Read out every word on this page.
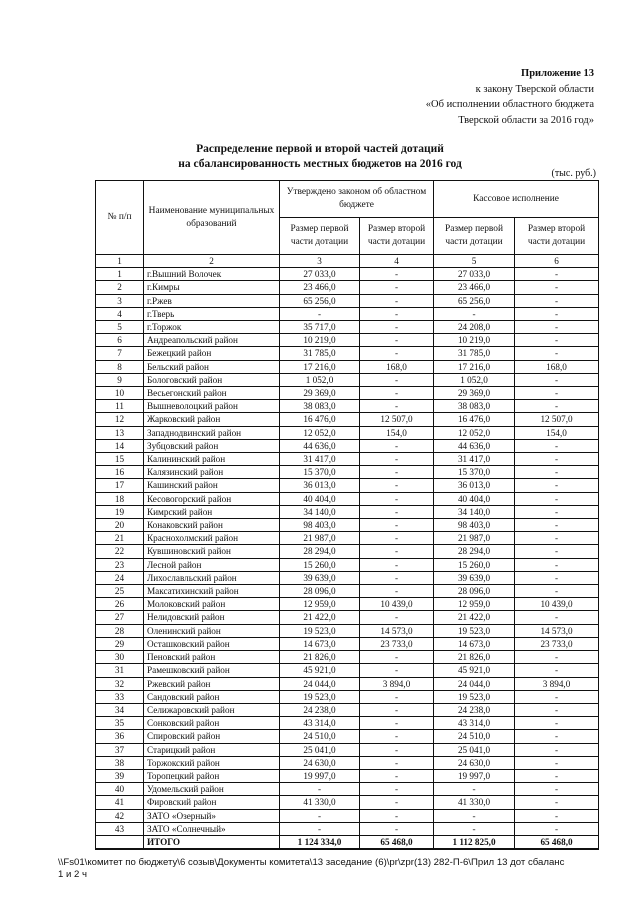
Приложение 13
к закону Тверской области
«Об исполнении областного бюджета
Тверской области за 2016 год»
Распределение первой и второй частей дотаций
на сбалансированность местных бюджетов на 2016 год
(тыс. руб.)
№ п/п	Наименование муниципальных образований	Утверждено законом об областном бюджете		Кассовое исполнение	
		Размер первой части дотации	Размер второй части дотации	Размер первой части дотации	Размер второй части дотации
1	2	3	4	5	6
1	г.Вышний Волочек	27 033,0	-	27 033,0	-
2	г.Кимры	23 466,0	-	23 466,0	-
3	г.Ржев	65 256,0	-	65 256,0	-
4	г.Тверь	-	-	-	-
5	г.Торжок	35 717,0	-	24 208,0	-
6	Андреапольский район	10 219,0	-	10 219,0	-
7	Бежецкий район	31 785,0	-	31 785,0	-
8	Бельский район	17 216,0	168,0	17 216,0	168,0
9	Бологовский район	1 052,0	-	1 052,0	-
10	Весьегонский район	29 369,0	-	29 369,0	-
11	Вышневолоцкий район	38 083,0	-	38 083,0	-
12	Жарковский район	16 476,0	12 507,0	16 476,0	12 507,0
13	Западнодвинский район	12 052,0	154,0	12 052,0	154,0
14	Зубцовский район	44 636,0	-	44 636,0	-
15	Калининский район	31 417,0	-	31 417,0	-
16	Калязинский район	15 370,0	-	15 370,0	-
17	Кашинский район	36 013,0	-	36 013,0	-
18	Кесовогорский район	40 404,0	-	40 404,0	-
19	Кимрский район	34 140,0	-	34 140,0	-
20	Конаковский район	98 403,0	-	98 403,0	-
21	Краснохолмский район	21 987,0	-	21 987,0	-
22	Кувшиновский район	28 294,0	-	28 294,0	-
23	Лесной район	15 260,0	-	15 260,0	-
24	Лихославльский район	39 639,0	-	39 639,0	-
25	Максатихинский район	28 096,0	-	28 096,0	-
26	Молоковский район	12 959,0	10 439,0	12 959,0	10 439,0
27	Нелидовский район	21 422,0	-	21 422,0	-
28	Оленинский район	19 523,0	14 573,0	19 523,0	14 573,0
29	Осташковский район	14 673,0	23 733,0	14 673,0	23 733,0
30	Пеновский район	21 826,0	-	21 826,0	-
31	Рамешковский район	45 921,0	-	45 921,0	-
32	Ржевский район	24 044,0	3 894,0	24 044,0	3 894,0
33	Сандовский район	19 523,0	-	19 523,0	-
34	Селижаровский район	24 238,0	-	24 238,0	-
35	Сонковский район	43 314,0	-	43 314,0	-
36	Спировский район	24 510,0	-	24 510,0	-
37	Старицкий район	25 041,0	-	25 041,0	-
38	Торжокский район	24 630,0	-	24 630,0	-
39	Торопецкий район	19 997,0	-	19 997,0	-
40	Удомельский район	-	-	-	-
41	Фировский район	41 330,0	-	41 330,0	-
42	ЗАТО «Озерный»	-	-	-	-
43	ЗАТО «Солнечный»	-	-	-	-
	ИТОГО	1 124 334,0	65 468,0	1 112 825,0	65 468,0
\\Fs01\комитет по бюджету\6 созыв\Документы комитета\13 заседание (6)\pr\zpr(13) 282-П-6\Прил 13 дот сбаланс
1 и 2 ч
